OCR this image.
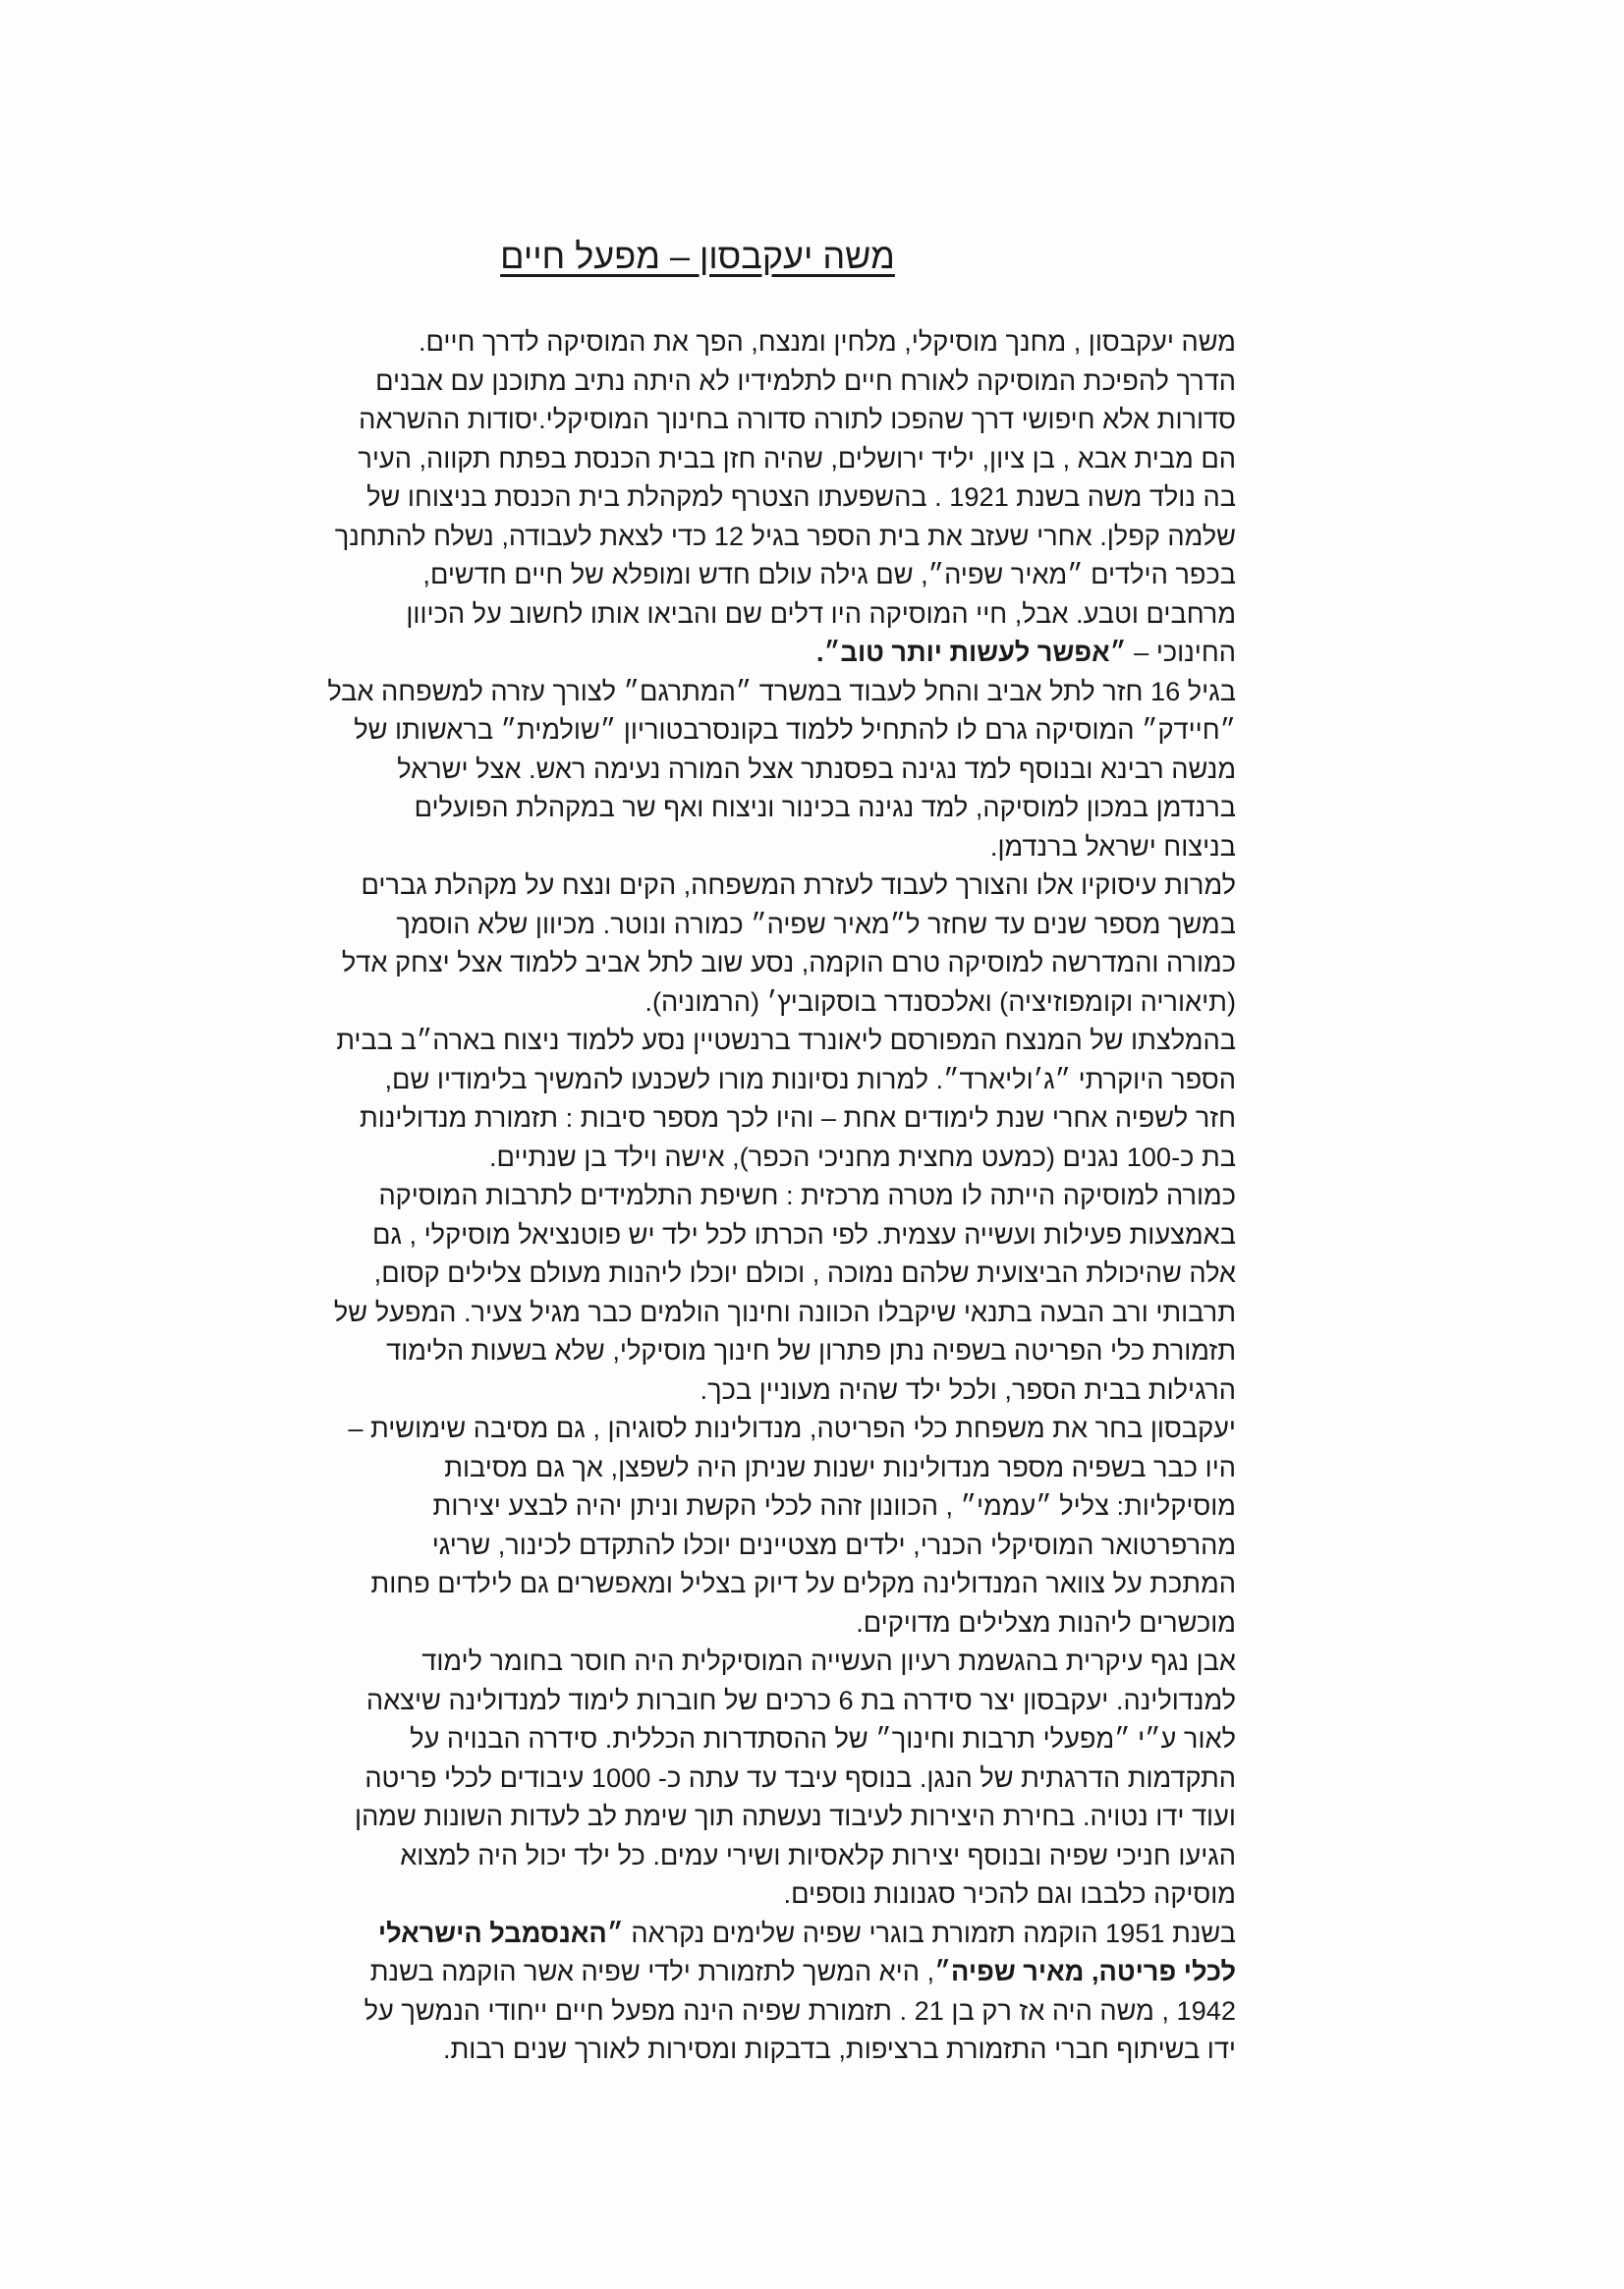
משה יעקבסון – מפעל חיים
משה יעקבסון , מחנך מוסיקלי, מלחין ומנצח, הפך את המוסיקה לדרך חיים.
הדרך להפיכת המוסיקה לאורח חיים לתלמידיו לא היתה נתיב מתוכנן עם אבנים
סדורות אלא חיפושי דרך שהפכו לתורה סדורה בחינוך המוסיקלי.יסודות ההשראה
הם מבית אבא , בן ציון, יליד ירושלים, שהיה חזן בבית הכנסת בפתח תקווה, העיר
בה נולד משה בשנת 1921 . בהשפעתו הצטרף למקהלת בית הכנסת בניצוחו של
שלמה קפלן. אחרי שעזב את בית הספר בגיל 12 כדי לצאת לעבודה, נשלח להתחנך
בכפר הילדים ״מאיר שפיה״, שם גילה עולם חדש ומופלא של חיים חדשים,
מרחבים וטבע. אבל, חיי המוסיקה היו דלים שם והביאו אותו לחשוב על הכיוון
החינוכי – ״אפשר לעשות יותר טוב״.
בגיל 16 חזר לתל אביב והחל לעבוד במשרד ״המתרגם״ לצורך עזרה למשפחה אבל
״חיידק״ המוסיקה גרם לו להתחיל ללמוד בקונסרבטוריון ״שולמית״ בראשותו של
מנשה רבינא ובנוסף למד נגינה בפסנתר אצל המורה נעימה ראש. אצל ישראל
ברנדמן במכון למוסיקה, למד נגינה בכינור וניצוח ואף שר במקהלת הפועלים
בניצוח ישראל ברנדמן.
למרות עיסוקיו אלו והצורך לעבוד לעזרת המשפחה, הקים ונצח על מקהלת גברים
במשך מספר שנים עד שחזר ל״מאיר שפיה״ כמורה ונוטר. מכיוון שלא הוסמך
כמורה והמדרשה למוסיקה טרם הוקמה, נסע שוב לתל אביב ללמוד אצל יצחק אדל
(תיאוריה וקומפוזיציה) ואלכסנדר בוסקוביץ׳ (הרמוניה).
בהמלצתו של המנצח המפורסם ליאונרד ברנשטיין נסע ללמוד ניצוח בארה״ב בבית
הספר היוקרתי ״ג׳וליארד״. למרות נסיונות מורו לשכנעו להמשיך בלימודיו שם,
חזר לשפיה אחרי שנת לימודים אחת – והיו לכך מספר סיבות : תזמורת מנדולינות
בת כ-100 נגנים (כמעט מחצית מחניכי הכפר), אישה וילד בן שנתיים.
כמורה למוסיקה הייתה לו מטרה מרכזית : חשיפת התלמידים לתרבות המוסיקה
באמצעות פעילות ועשייה עצמית. לפי הכרתו לכל ילד יש פוטנציאל מוסיקלי , גם
אלה שהיכולת הביצועית שלהם נמוכה , וכולם יוכלו ליהנות מעולם צלילים קסום,
תרבותי ורב הבעה בתנאי שיקבלו הכוונה וחינוך הולמים כבר מגיל צעיר. המפעל של
תזמורת כלי הפריטה בשפיה נתן פתרון של חינוך מוסיקלי, שלא בשעות הלימוד
הרגילות בבית הספר, ולכל ילד שהיה מעוניין בכך.
יעקבסון בחר את משפחת כלי הפריטה, מנדולינות לסוגיהן , גם מסיבה שימושית –
היו כבר בשפיה מספר מנדולינות ישנות שניתן היה לשפצן, אך גם מסיבות
מוסיקליות: צליל ״עממי״ , הכוונון זהה לכלי הקשת וניתן יהיה לבצע יצירות
מהרפרטואר המוסיקלי הכנרי, ילדים מצטיינים יוכלו להתקדם לכינור, שריגי
המתכת על צוואר המנדולינה מקלים על דיוק בצליל ומאפשרים גם לילדים פחות
מוכשרים ליהנות מצלילים מדויקים.
אבן נגף עיקרית בהגשמת רעיון העשייה המוסיקלית היה חוסר בחומר לימוד
למנדולינה. יעקבסון יצר סידרה בת 6 כרכים של חוברות לימוד למנדולינה שיצאה
לאור ע״י ״מפעלי תרבות וחינוך״ של ההסתדרות הכללית. סידרה הבנויה על
התקדמות הדרגתית של הנגן. בנוסף עיבד עד עתה כ- 1000 עיבודים לכלי פריטה
ועוד ידו נטויה. בחירת היצירות לעיבוד נעשתה תוך שימת לב לעדות השונות שמהן
הגיעו חניכי שפיה ובנוסף יצירות קלאסיות ושירי עמים. כל ילד יכול היה למצוא
מוסיקה כלבבו וגם להכיר סגנונות נוספים.
בשנת 1951 הוקמה תזמורת בוגרי שפיה שלימים נקראה ״האנסמבל הישראלי
לכלי פריטה, מאיר שפיה״, היא המשך לתזמורת ילדי שפיה אשר הוקמה בשנת
1942 , משה היה אז רק בן 21 . תזמורת שפיה הינה מפעל חיים ייחודי הנמשך על
ידו בשיתוף חברי התזמורת ברציפות, בדבקות ומסירות לאורך שנים רבות.
